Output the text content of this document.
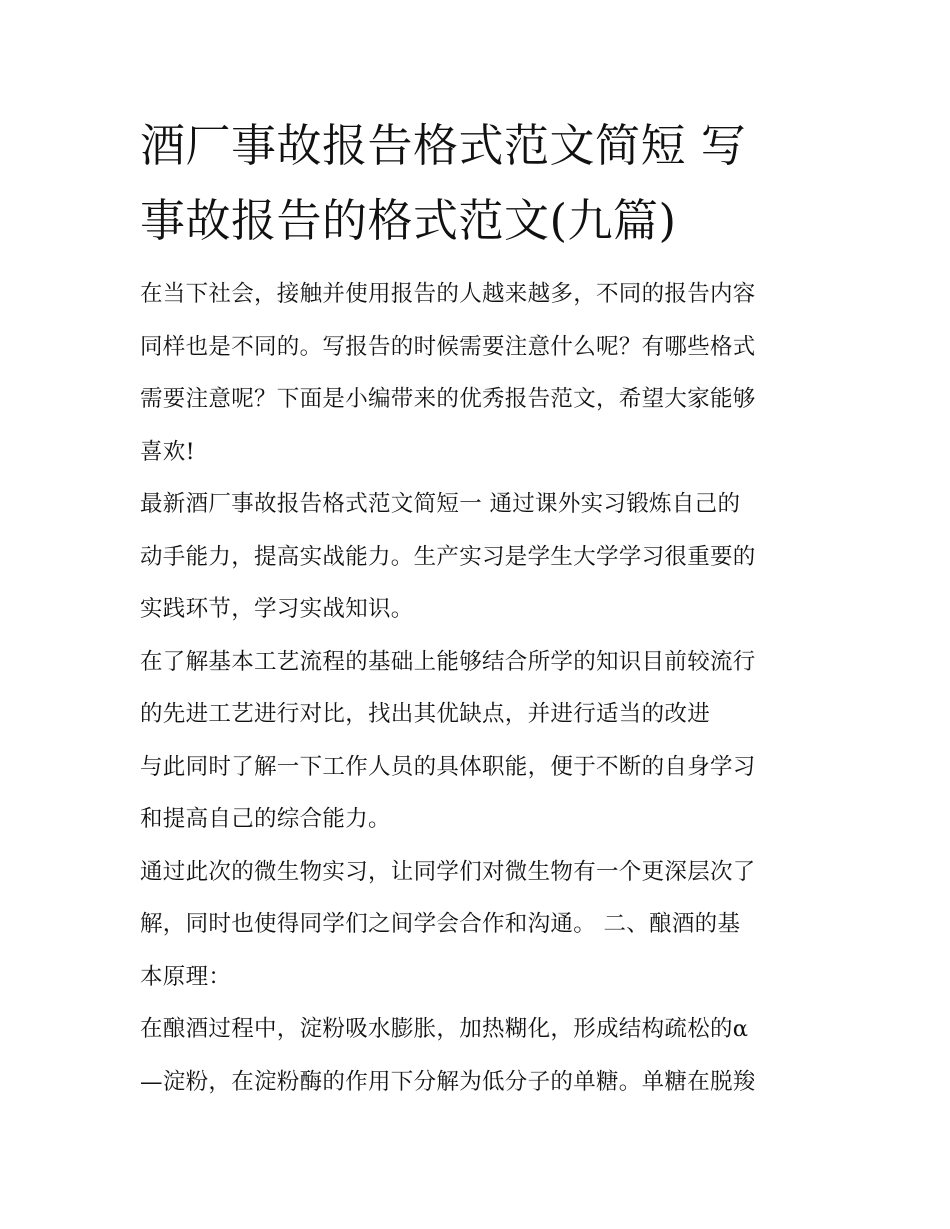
酒厂事故报告格式范文简短 写
事故报告的格式范文(九篇)

在当下社会，接触并使用报告的人越来越多，不同的报告内容
同样也是不同的。写报告的时候需要注意什么呢？有哪些格式
需要注意呢？下面是小编带来的优秀报告范文，希望大家能够
喜欢!

最新酒厂事故报告格式范文简短一 通过课外实习锻炼自己的
动手能力，提高实战能力。生产实习是学生大学学习很重要的
实践环节，学习实战知识。

在了解基本工艺流程的基础上能够结合所学的知识目前较流行
的先进工艺进行对比，找出其优缺点，并进行适当的改进
与此同时了解一下工作人员的具体职能，便于不断的自身学习
和提高自己的综合能力。

通过此次的微生物实习，让同学们对微生物有一个更深层次了
解，同时也使得同学们之间学会合作和沟通。 二、酿酒的基
本原理：

在酿酒过程中，淀粉吸水膨胀，加热糊化，形成结构疏松的α
—淀粉，在淀粉酶的作用下分解为低分子的单糖。单糖在脱羧
